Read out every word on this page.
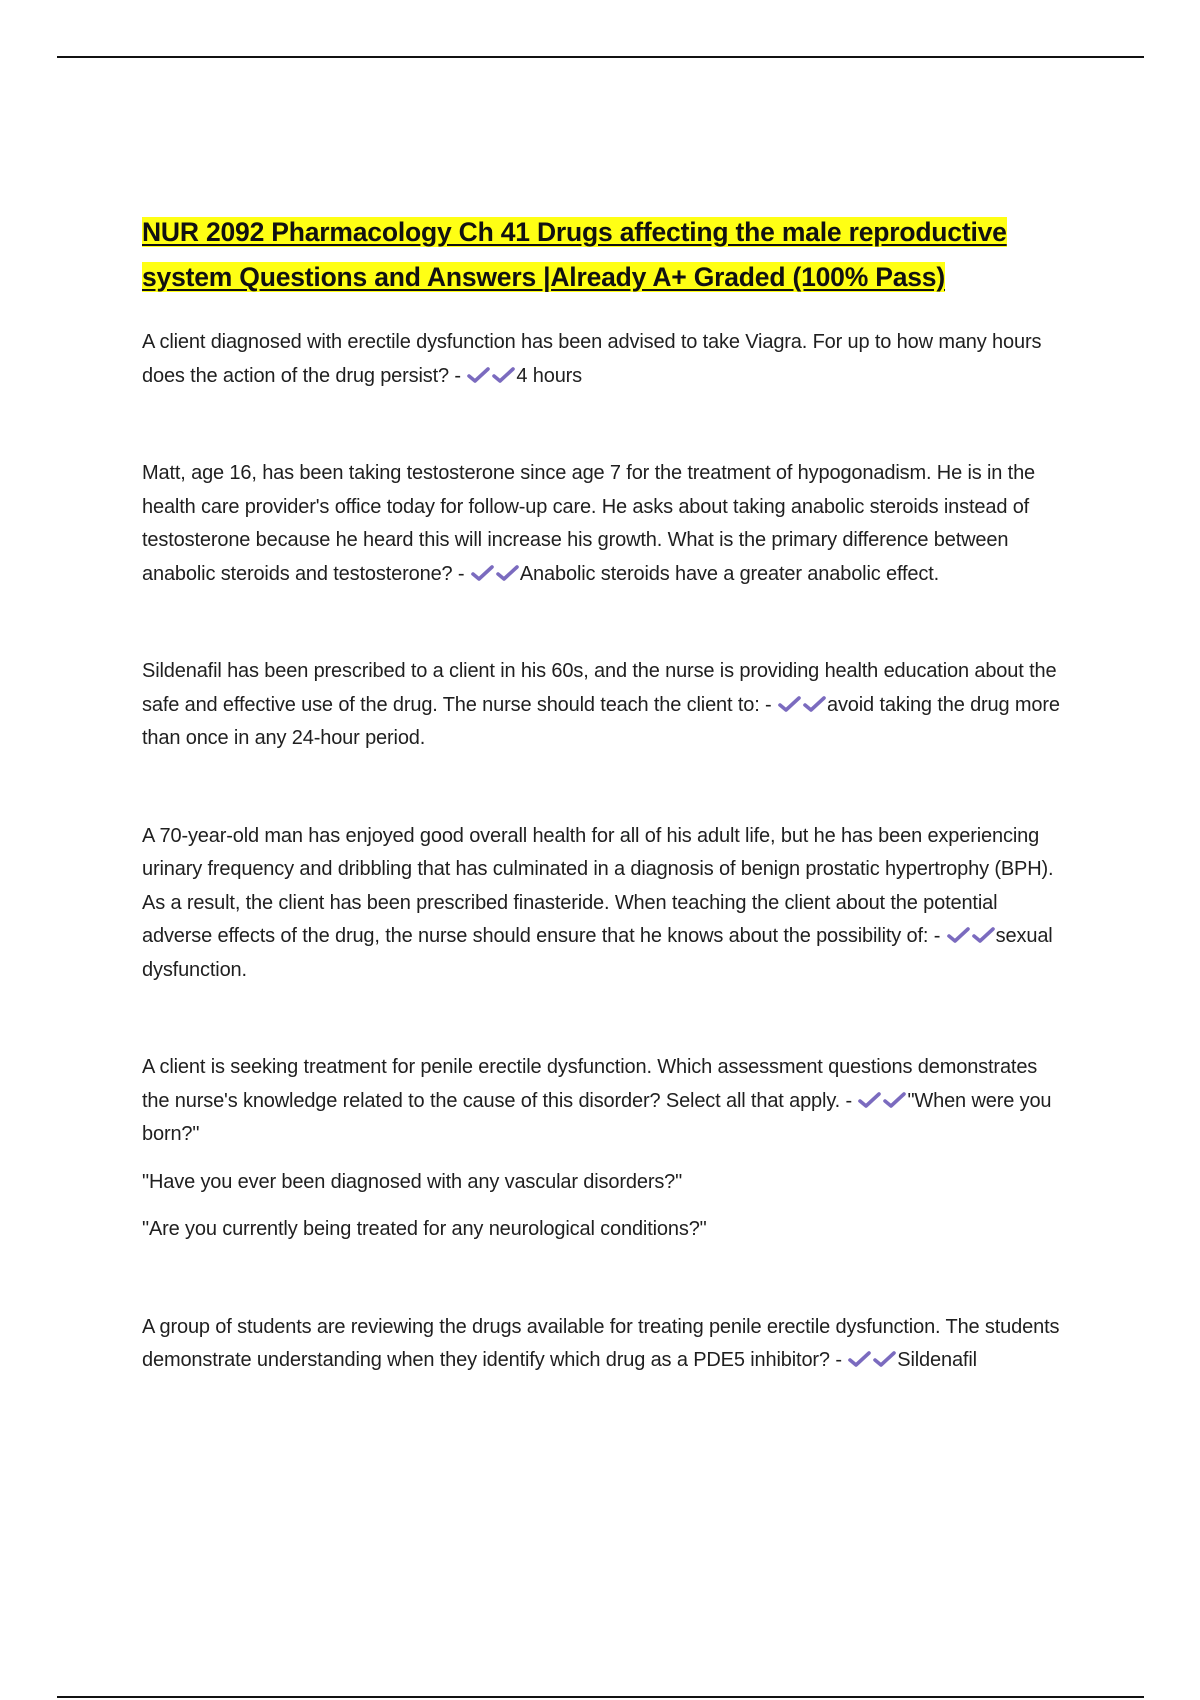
NUR 2092 Pharmacology Ch 41 Drugs affecting the male reproductive system Questions and Answers |Already A+ Graded (100% Pass)

A client diagnosed with erectile dysfunction has been advised to take Viagra. For up to how many hours does the action of the drug persist? -	4 hours

Matt, age 16, has been taking testosterone since age 7 for the treatment of hypogonadism. He is in the health care provider's office today for follow-up care. He asks about taking anabolic steroids instead of testosterone because he heard this will increase his growth. What is the primary difference between anabolic steroids and testosterone? -	Anabolic steroids have a greater anabolic effect.

Sildenafil has been prescribed to a client in his 60s, and the nurse is providing health education about the safe and effective use of the drug. The nurse should teach the client to: -	avoid taking the drug more than once in any 24-hour period.

A 70-year-old man has enjoyed good overall health for all of his adult life, but he has been experiencing urinary frequency and dribbling that has culminated in a diagnosis of benign prostatic hypertrophy (BPH). As a result, the client has been prescribed finasteride. When teaching the client about the potential adverse effects of the drug, the nurse should ensure that he knows about the possibility of: -	sexual dysfunction.

A client is seeking treatment for penile erectile dysfunction. Which assessment questions demonstrates the nurse's knowledge related to the cause of this disorder? Select all that apply. -	"When were you born?"

"Have you ever been diagnosed with any vascular disorders?"

"Are you currently being treated for any neurological conditions?"

A group of students are reviewing the drugs available for treating penile erectile dysfunction. The students demonstrate understanding when they identify which drug as a PDE5 inhibitor? -	Sildenafil
